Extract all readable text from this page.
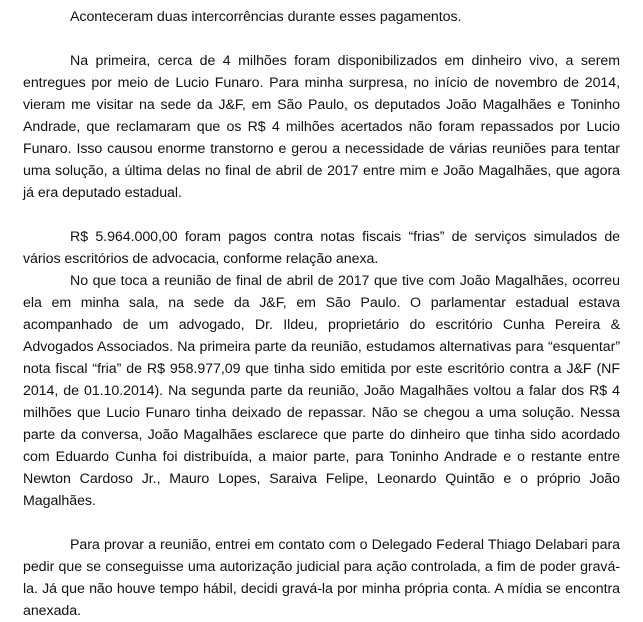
Aconteceram duas intercorrências durante esses pagamentos.

Na primeira, cerca de 4 milhões foram disponibilizados em dinheiro vivo, a serem entregues por meio de Lucio Funaro. Para minha surpresa, no início de novembro de 2014, vieram me visitar na sede da J&F, em São Paulo, os deputados João Magalhães e Toninho Andrade, que reclamaram que os R$ 4 milhões acertados não foram repassados por Lucio Funaro. Isso causou enorme transtorno e gerou a necessidade de várias reuniões para tentar uma solução, a última delas no final de abril de 2017 entre mim e João Magalhães, que agora já era deputado estadual.

R$ 5.964.000,00 foram pagos contra notas fiscais “frias” de serviços simulados de vários escritórios de advocacia, conforme relação anexa.

No que toca a reunião de final de abril de 2017 que tive com João Magalhães, ocorreu ela em minha sala, na sede da J&F, em São Paulo. O parlamentar estadual estava acompanhado de um advogado, Dr. Ildeu, proprietário do escritório Cunha Pereira & Advogados Associados. Na primeira parte da reunião, estudamos alternativas para “esquentar” nota fiscal “fria” de R$ 958.977,09 que tinha sido emitida por este escritório contra a J&F (NF 2014, de 01.10.2014). Na segunda parte da reunião, João Magalhães voltou a falar dos R$ 4 milhões que Lucio Funaro tinha deixado de repassar. Não se chegou a uma solução. Nessa parte da conversa, João Magalhães esclarece que parte do dinheiro que tinha sido acordado com Eduardo Cunha foi distribuída, a maior parte, para Toninho Andrade e o restante entre Newton Cardoso Jr., Mauro Lopes, Saraiva Felipe, Leonardo Quintão e o próprio João Magalhães.

Para provar a reunião, entrei em contato com o Delegado Federal Thiago Delabari para pedir que se conseguisse uma autorização judicial para ação controlada, a fim de poder gravá-la. Já que não houve tempo hábil, decidi gravá-la por minha própria conta. A mídia se encontra anexada.
